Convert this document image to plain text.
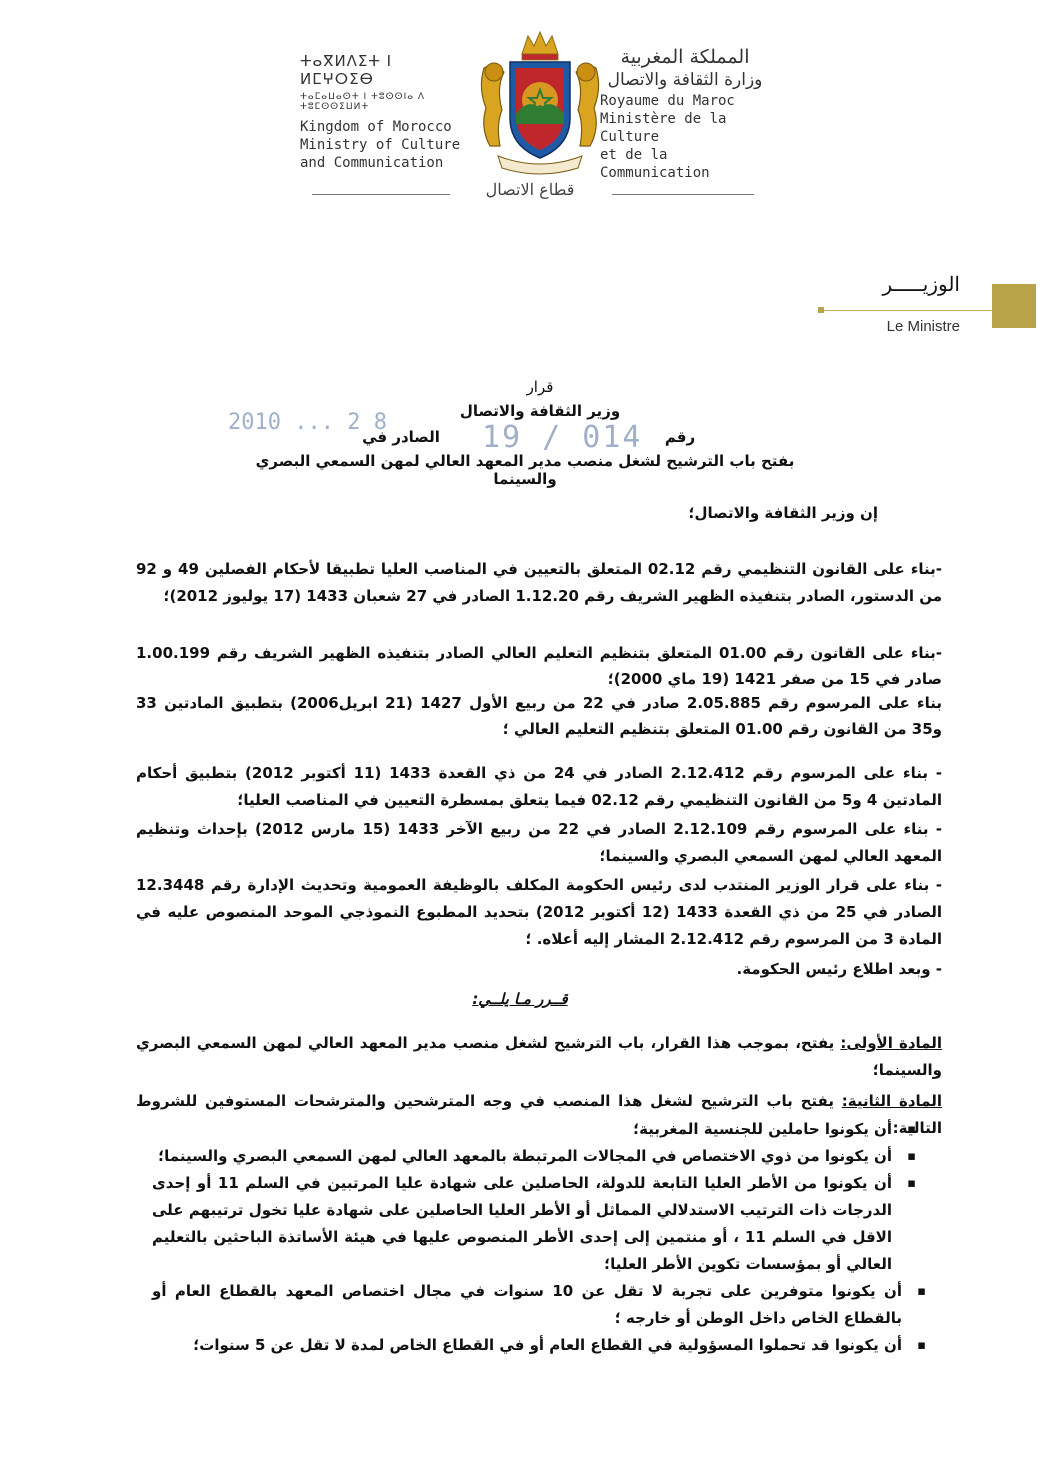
ⵜⴰⴳⵍⴷⵉⵜ ⵏ ⵍⵎⵖⵔⵉⴱ
ⵜⴰⵎⴰⵡⴰⵙⵜ ⵏ ⵜⵓⵙⵙⵏⴰ ⴷ ⵜⵓⵎⵙⵙⵉⵡⵍⵜ
Kingdom of Morocco
Ministry of Culture
and Communication
المملكة المغربية
وزارة الثقافة والاتصال
Royaume du Maroc
Ministère de la Culture
et de la Communication
قطاع الاتصال
الوزيـــــر
Le Ministre
قرار
وزير الثقافة والاتصال
2010 ... 2 8
رقم
19 / 014
الصادر في
بفتح باب الترشيح لشغل منصب مدير المعهد العالي لمهن السمعي البصري والسينما
إن وزير الثقافة والاتصال؛
-بناء على القانون التنظيمي رقم 02.12 المتعلق بالتعيين في المناصب العليا تطبيقا لأحكام الفصلين 49 و 92 من الدستور، الصادر بتنفيذه الظهير الشريف رقم 1.12.20 الصادر في 27 شعبان 1433 (17 يوليوز 2012)؛
-بناء على القانون رقم 01.00 المتعلق بتنظيم التعليم العالي الصادر بتنفيذه الظهير الشريف رقم 1.00.199 صادر في 15 من صفر 1421 (19 ماي 2000)؛
بناء على المرسوم رقم 2.05.885 صادر في 22 من ربيع الأول 1427 (21 ابريل2006) بتطبيق المادتين 33 و35 من القانون رقم 01.00 المتعلق بتنظيم التعليم العالي ؛
- بناء على المرسوم رقم 2.12.412 الصادر في 24 من ذي القعدة 1433 (11 أكتوبر 2012) بتطبيق أحكام المادتين 4 و5 من القانون التنظيمي رقم 02.12 فيما يتعلق بمسطرة التعيين في المناصب العليا؛
- بناء على المرسوم رقم 2.12.109 الصادر في 22 من ربيع الآخر 1433 (15 مارس 2012) بإحداث وتنظيم المعهد العالي لمهن السمعي البصري والسينما؛
- بناء على قرار الوزير المنتدب لدى رئيس الحكومة المكلف بالوظيفة العمومية وتحديث الإدارة رقم 12.3448 الصادر في 25 من ذي القعدة 1433 (12 أكتوبر 2012) بتحديد المطبوع النموذجي الموحد المنصوص عليه في المادة 3 من المرسوم رقم 2.12.412 المشار إليه أعلاه. ؛
- وبعد اطلاع رئيس الحكومة.
قــرر مـا يلــي:

المادة الأولى: يفتح، بموجب هذا القرار، باب الترشيح لشغل منصب مدير المعهد العالي لمهن السمعي البصري والسينما؛

المادة الثانية: يفتح باب الترشيح لشغل هذا المنصب في وجه المترشحين والمترشحات المستوفين للشروط التالية:

▪ أن يكونوا حاملين للجنسية المغربية؛
▪ أن يكونوا من ذوي الاختصاص في المجالات المرتبطة بالمعهد العالي لمهن السمعي البصري والسينما؛
▪ أن يكونوا من الأطر العليا التابعة للدولة، الحاصلين على شهادة عليا المرتبين في السلم 11 أو إحدى الدرجات ذات الترتيب الاستدلالي المماثل أو الأطر العليا الحاصلين على شهادة عليا تخول ترتيبهم على الاقل في السلم 11 ، أو منتمين إلى إحدى الأطر المنصوص عليها في هيئة الأساتذة الباحثين بالتعليم العالي أو بمؤسسات تكوين الأطر العليا؛
▪ أن يكونوا متوفرين على تجربة لا تقل عن 10 سنوات في مجال اختصاص المعهد بالقطاع العام أو بالقطاع الخاص داخل الوطن أو خارجه ؛
▪ أن يكونوا قد تحملوا المسؤولية في القطاع العام أو في القطاع الخاص لمدة لا تقل عن 5 سنوات؛
